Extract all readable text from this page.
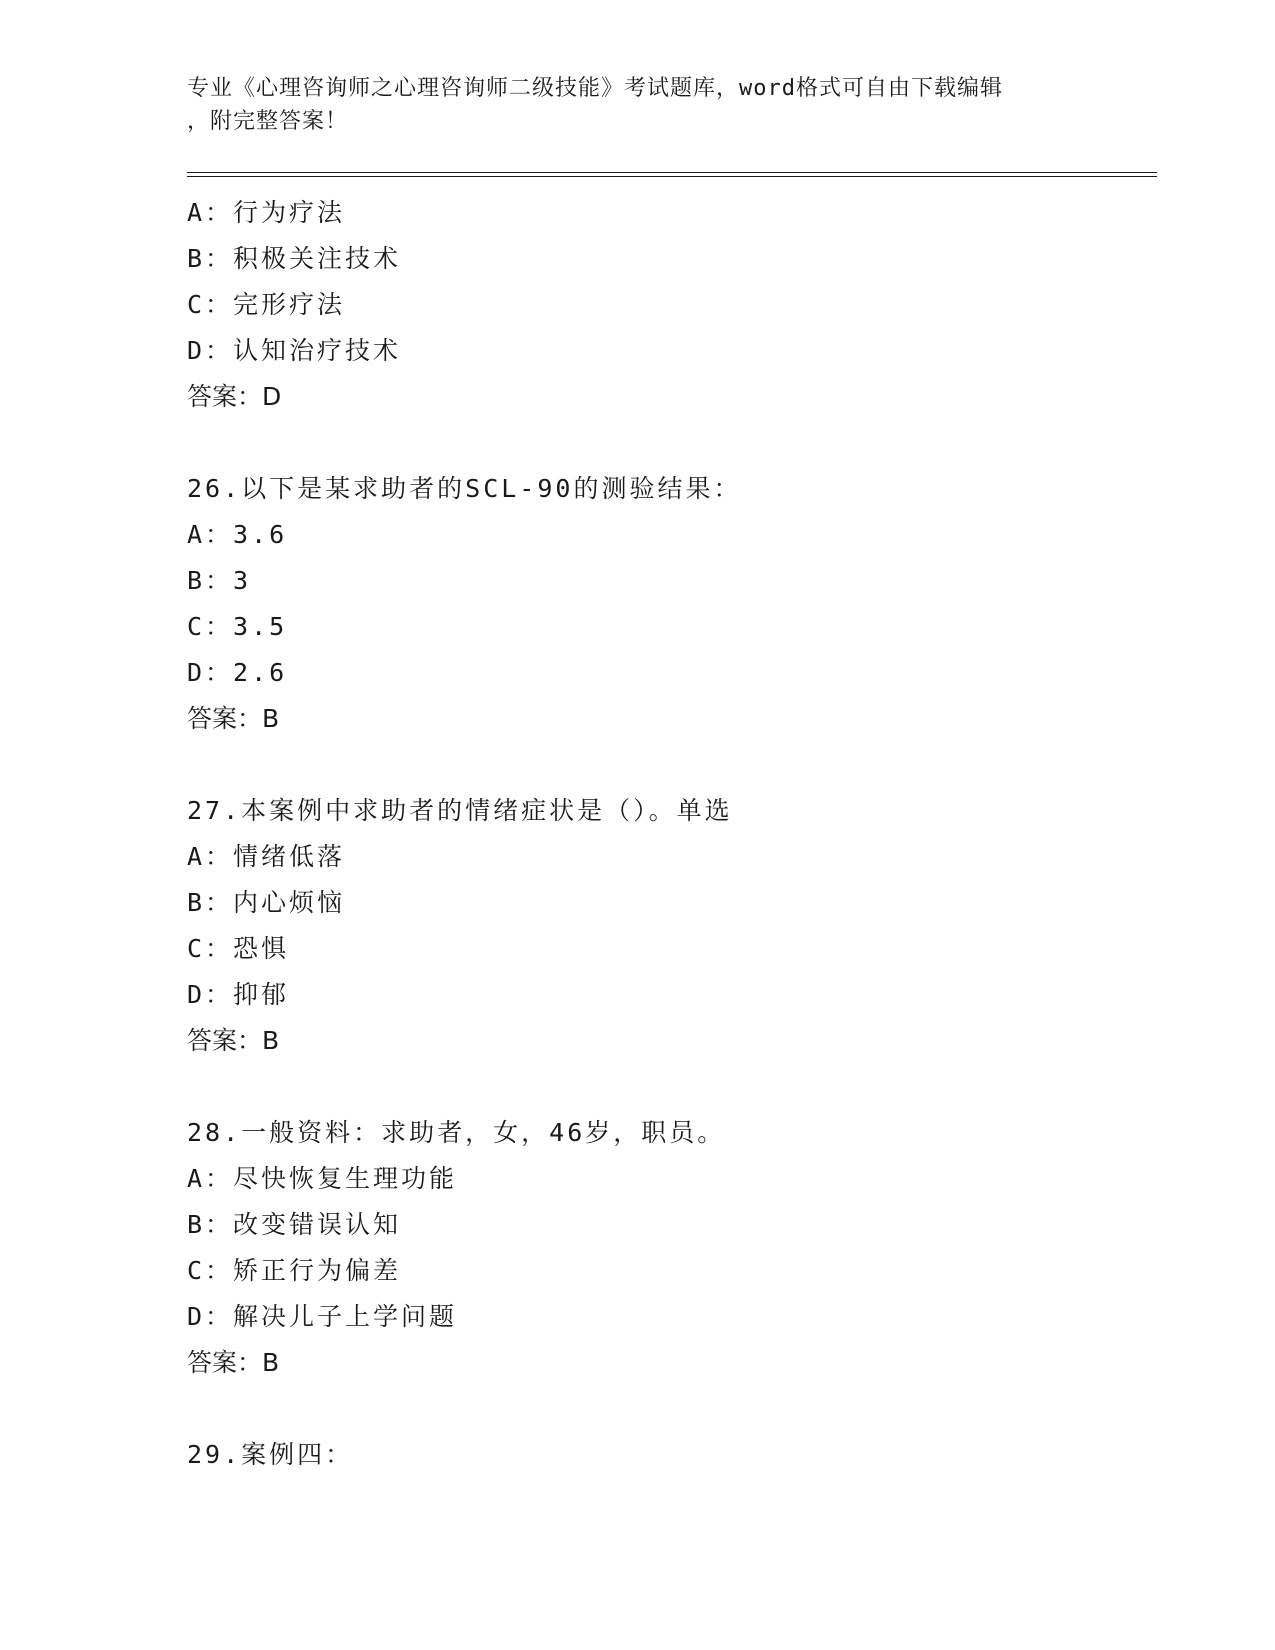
专业《心理咨询师之心理咨询师二级技能》考试题库，word格式可自由下载编辑
，附完整答案！
A：行为疗法
B：积极关注技术
C：完形疗法
D：认知治疗技术
答案：D
26.以下是某求助者的SCL-90的测验结果：
A：3.6
B：3
C：3.5
D：2.6
答案：B
27.本案例中求助者的情绪症状是（）。单选
A：情绪低落
B：内心烦恼
C：恐惧
D：抑郁
答案：B
28.一般资料：求助者，女，46岁，职员。
A：尽快恢复生理功能
B：改变错误认知
C：矫正行为偏差
D：解决儿子上学问题
答案：B
29.案例四：
